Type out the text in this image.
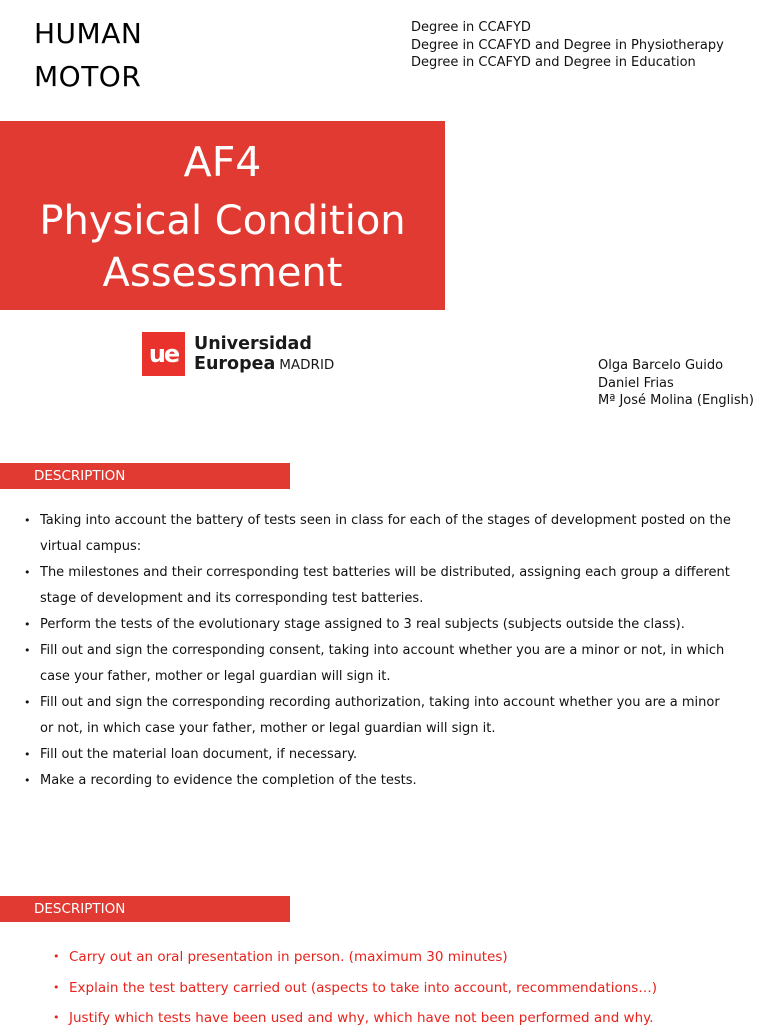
HUMAN
MOTOR
Degree in CCAFYD
Degree in CCAFYD and Degree in Physiotherapy
Degree in CCAFYD and Degree in Education
AF4
Physical Condition
Assessment
ue Universidad
Europea MADRID	Olga Barcelo Guido
Daniel Frias
Mª José Molina (English)
DESCRIPTION
• Taking into account the battery of tests seen in class for each of the stages of development posted on the virtual campus:
• The milestones and their corresponding test batteries will be distributed, assigning each group a different stage of development and its corresponding test batteries.
• Perform the tests of the evolutionary stage assigned to 3 real subjects (subjects outside the class).
• Fill out and sign the corresponding consent, taking into account whether you are a minor or not, in which case your father, mother or legal guardian will sign it.
• Fill out and sign the corresponding recording authorization, taking into account whether you are a minor or not, in which case your father, mother or legal guardian will sign it.
• Fill out the material loan document, if necessary.
• Make a recording to evidence the completion of the tests.
DESCRIPTION
• Carry out an oral presentation in person. (maximum 30 minutes)
• Explain the test battery carried out (aspects to take into account, recommendations…)
• Justify which tests have been used and why, which have not been performed and why.
